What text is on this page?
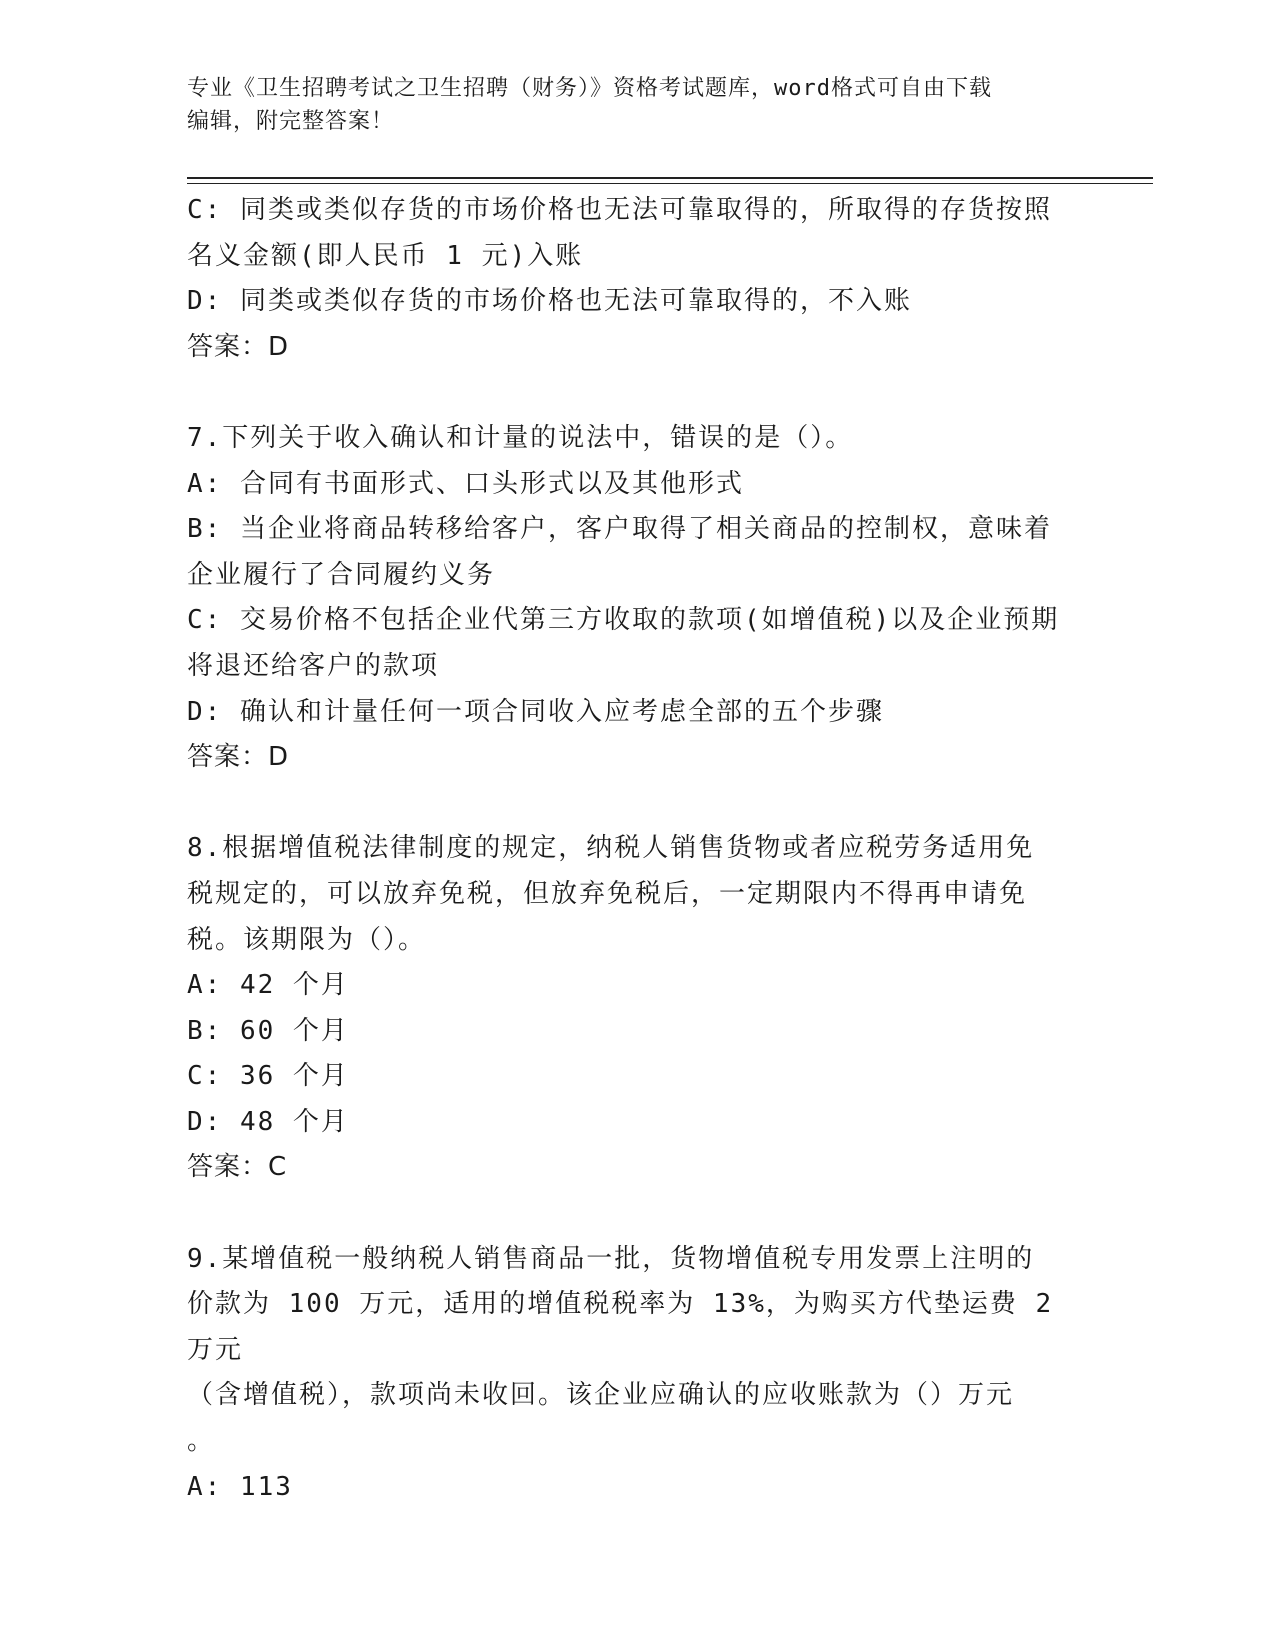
专业《卫生招聘考试之卫生招聘（财务）》资格考试题库，word格式可自由下载

编辑，附完整答案！

C: 同类或类似存货的市场价格也无法可靠取得的，所取得的存货按照

名义金额(即人民币 1 元)入账

D: 同类或类似存货的市场价格也无法可靠取得的，不入账

答案：D

7.下列关于收入确认和计量的说法中，错误的是（）。

A: 合同有书面形式、口头形式以及其他形式

B: 当企业将商品转移给客户，客户取得了相关商品的控制权，意味着

企业履行了合同履约义务

C: 交易价格不包括企业代第三方收取的款项(如增值税)以及企业预期

将退还给客户的款项

D: 确认和计量任何一项合同收入应考虑全部的五个步骤

答案：D

8.根据增值税法律制度的规定，纳税人销售货物或者应税劳务适用免

税规定的，可以放弃免税，但放弃免税后，一定期限内不得再申请免

税。该期限为（）。

A: 42 个月

B: 60 个月

C: 36 个月

D: 48 个月

答案：C

9.某增值税一般纳税人销售商品一批，货物增值税专用发票上注明的

价款为 100 万元，适用的增值税税率为 13%，为购买方代垫运费 2 万元

（含增值税），款项尚未收回。该企业应确认的应收账款为（）万元

。

A: 113
